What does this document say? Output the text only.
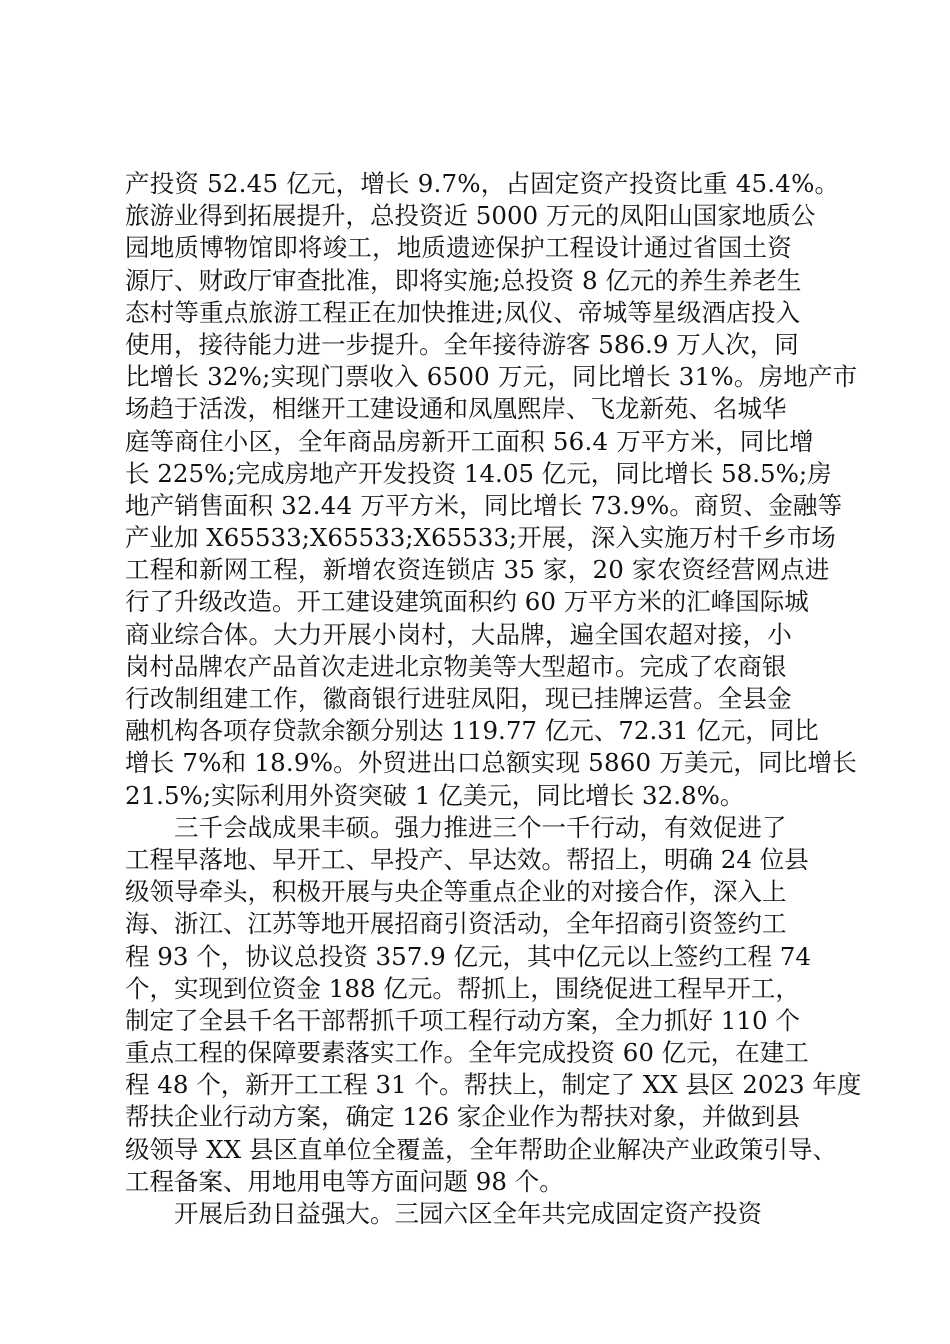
产投资 52.45 亿元，增长 9.7%，占固定资产投资比重 45.4%。
旅游业得到拓展提升，总投资近 5000 万元的凤阳山国家地质公
园地质博物馆即将竣工，地质遗迹保护工程设计通过省国土资
源厅、财政厅审查批准，即将实施;总投资 8 亿元的养生养老生
态村等重点旅游工程正在加快推进;凤仪、帝城等星级酒店投入
使用，接待能力进一步提升。全年接待游客 586.9 万人次，同
比增长 32%;实现门票收入 6500 万元，同比增长 31%。房地产市
场趋于活泼，相继开工建设通和凤凰熙岸、飞龙新苑、名城华
庭等商住小区，全年商品房新开工面积 56.4 万平方米，同比增
长 225%;完成房地产开发投资 14.05 亿元，同比增长 58.5%;房
地产销售面积 32.44 万平方米，同比增长 73.9%。商贸、金融等
产业加 X65533;X65533;X65533;开展，深入实施万村千乡市场
工程和新网工程，新增农资连锁店 35 家，20 家农资经营网点进
行了升级改造。开工建设建筑面积约 60 万平方米的汇峰国际城
商业综合体。大力开展小岗村，大品牌，遍全国农超对接，小
岗村品牌农产品首次走进北京物美等大型超市。完成了农商银
行改制组建工作，徽商银行进驻凤阳，现已挂牌运营。全县金
融机构各项存贷款余额分别达 119.77 亿元、72.31 亿元，同比
增长 7%和 18.9%。外贸进出口总额实现 5860 万美元，同比增长
21.5%;实际利用外资突破 1 亿美元，同比增长 32.8%。
三千会战成果丰硕。强力推进三个一千行动，有效促进了
工程早落地、早开工、早投产、早达效。帮招上，明确 24 位县
级领导牵头，积极开展与央企等重点企业的对接合作，深入上
海、浙江、江苏等地开展招商引资活动，全年招商引资签约工
程 93 个，协议总投资 357.9 亿元，其中亿元以上签约工程 74
个，实现到位资金 188 亿元。帮抓上，围绕促进工程早开工，
制定了全县千名干部帮抓千项工程行动方案，全力抓好 110 个
重点工程的保障要素落实工作。全年完成投资 60 亿元，在建工
程 48 个，新开工工程 31 个。帮扶上，制定了 XX 县区 2023 年度
帮扶企业行动方案，确定 126 家企业作为帮扶对象，并做到县
级领导 XX 县区直单位全覆盖，全年帮助企业解决产业政策引导、
工程备案、用地用电等方面问题 98 个。
开展后劲日益强大。三园六区全年共完成固定资产投资
